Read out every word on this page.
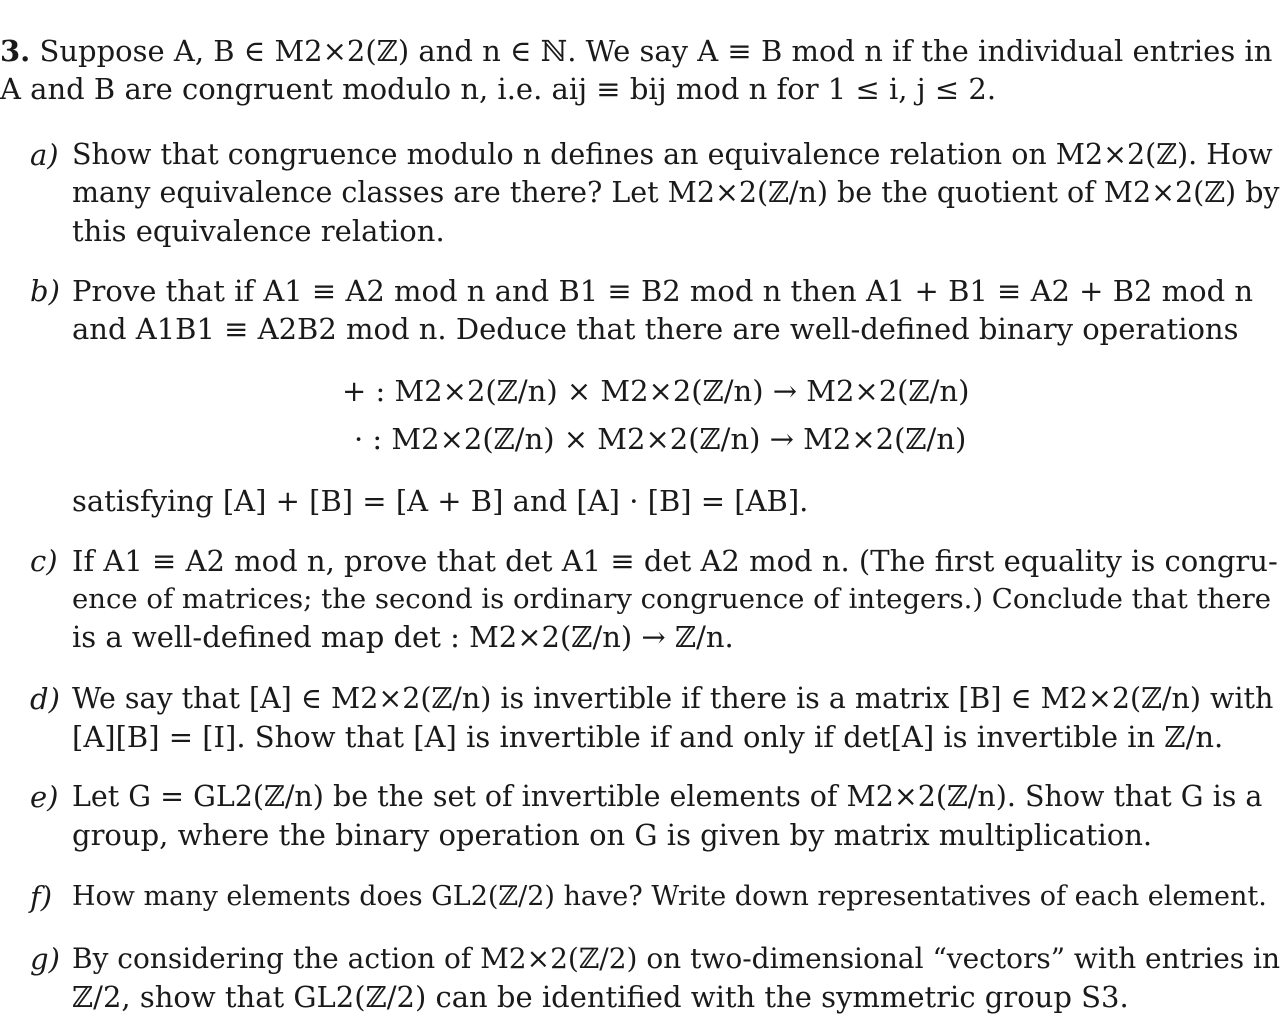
3. Suppose A, B ∈ M2×2(ℤ) and n ∈ ℕ. We say A ≡ B mod n if the individual entries in
A and B are congruent modulo n, i.e. aij ≡ bij mod n for 1 ≤ i, j ≤ 2.
a) Show that congruence modulo n defines an equivalence relation on M2×2(ℤ). How
many equivalence classes are there? Let M2×2(ℤ/n) be the quotient of M2×2(ℤ) by
this equivalence relation.
b) Prove that if A1 ≡ A2 mod n and B1 ≡ B2 mod n then A1 + B1 ≡ A2 + B2 mod n
and A1B1 ≡ A2B2 mod n. Deduce that there are well-defined binary operations
+ : M2×2(ℤ/n) × M2×2(ℤ/n) → M2×2(ℤ/n)
· : M2×2(ℤ/n) × M2×2(ℤ/n) → M2×2(ℤ/n)
satisfying [A] + [B] = [A + B] and [A] · [B] = [AB].
c) If A1 ≡ A2 mod n, prove that det A1 ≡ det A2 mod n. (The first equality is congru-
ence of matrices; the second is ordinary congruence of integers.) Conclude that there
is a well-defined map det : M2×2(ℤ/n) → ℤ/n.
d) We say that [A] ∈ M2×2(ℤ/n) is invertible if there is a matrix [B] ∈ M2×2(ℤ/n) with
[A][B] = [I]. Show that [A] is invertible if and only if det[A] is invertible in ℤ/n.
e) Let G = GL2(ℤ/n) be the set of invertible elements of M2×2(ℤ/n). Show that G is a
group, where the binary operation on G is given by matrix multiplication.
f) How many elements does GL2(ℤ/2) have? Write down representatives of each element.
g) By considering the action of M2×2(ℤ/2) on two-dimensional “vectors” with entries in
ℤ/2, show that GL2(ℤ/2) can be identified with the symmetric group S3.
